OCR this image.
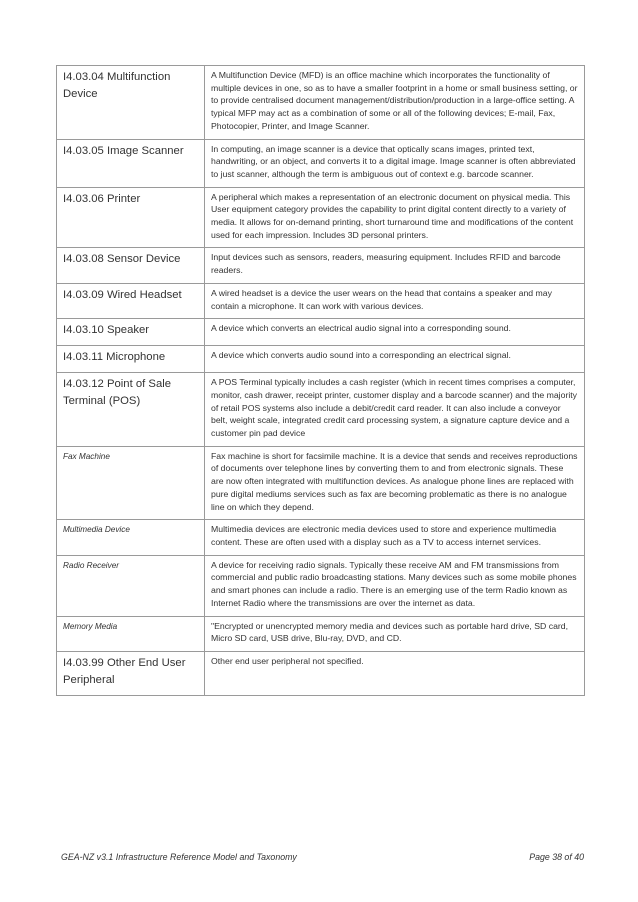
I4.03.04 Multifunction Device	A Multifunction Device (MFD) is an office machine which incorporates the functionality of multiple devices in one, so as to have a smaller footprint in a home or small business setting, or to provide centralised document management/distribution/production in a large-office setting. A typical MFP may act as a combination of some or all of the following devices; E-mail, Fax, Photocopier, Printer, and Image Scanner.

I4.03.05 Image Scanner	In computing, an image scanner is a device that optically scans images, printed text, handwriting, or an object, and converts it to a digital image. Image scanner is often abbreviated to just scanner, although the term is ambiguous out of context e.g. barcode scanner.

I4.03.06 Printer	A peripheral which makes a representation of an electronic document on physical media. This User equipment category provides the capability to print digital content directly to a variety of media. It allows for on-demand printing, short turnaround time and modifications of the content used for each impression. Includes 3D personal printers.

I4.03.08 Sensor Device	Input devices such as sensors, readers, measuring equipment. Includes RFID and barcode readers.

I4.03.09 Wired Headset	A wired headset is a device the user wears on the head that contains a speaker and may contain a microphone. It can work with various devices.

I4.03.10 Speaker	A device which converts an electrical audio signal into a corresponding sound.

I4.03.11 Microphone	A device which converts audio sound into a corresponding an electrical signal.

I4.03.12 Point of Sale Terminal (POS)	A POS Terminal typically includes a cash register (which in recent times comprises a computer, monitor, cash drawer, receipt printer, customer display and a barcode scanner) and the majority of retail POS systems also include a debit/credit card reader. It can also include a conveyor belt, weight scale, integrated credit card processing system, a signature capture device and a customer pin pad device

Fax Machine	Fax machine is short for facsimile machine. It is a device that sends and receives reproductions of documents over telephone lines by converting them to and from electronic signals. These are now often integrated with multifunction devices. As analogue phone lines are replaced with pure digital mediums services such as fax are becoming problematic as there is no analogue line on which they depend.

Multimedia Device	Multimedia devices are electronic media devices used to store and experience multimedia content. These are often used with a display such as a TV to access internet services.

Radio Receiver	A device for receiving radio signals. Typically these receive AM and FM transmissions from commercial and public radio broadcasting stations. Many devices such as some mobile phones and smart phones can include a radio. There is an emerging use of the term Radio known as Internet Radio where the transmissions are over the internet as data.

Memory Media	"Encrypted or unencrypted memory media and devices such as portable hard drive, SD card, Micro SD card, USB drive, Blu-ray, DVD, and CD.

I4.03.99 Other End User Peripheral	Other end user peripheral not specified.
GEA-NZ v3.1 Infrastructure Reference Model and Taxonomy	Page 38 of 40
